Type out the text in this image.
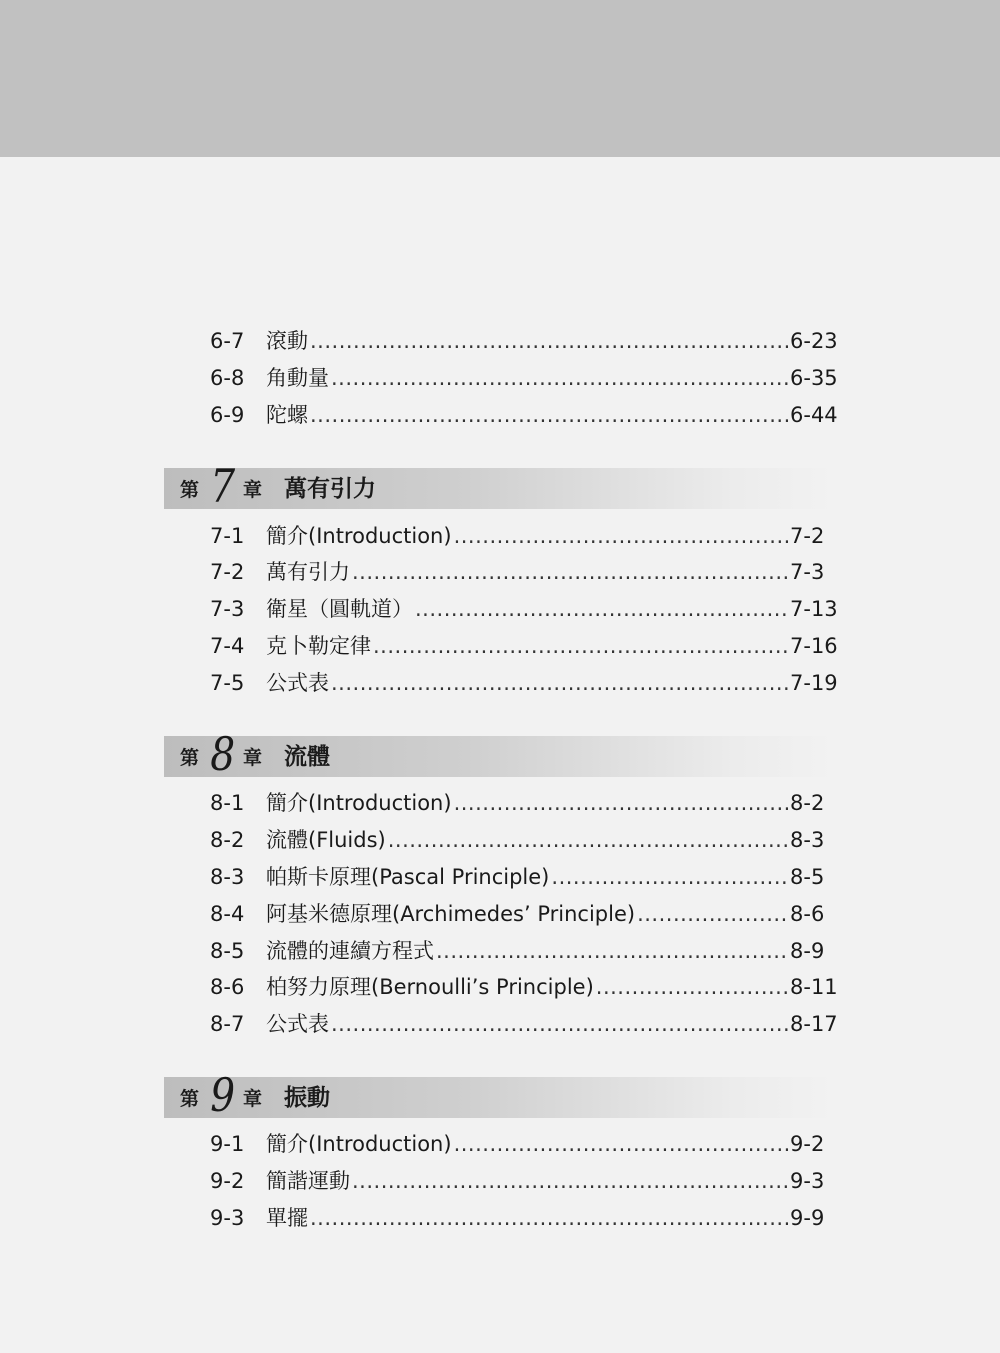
6-7	滾動 .....	6-23
6-8	角動量 .....	6-35
6-9	陀螺 .....	6-44
第 7 章 萬有引力
7-1	簡介(Introduction) .....	7-2
7-2	萬有引力 .....	7-3
7-3	衛星（圓軌道） .....	7-13
7-4	克卜勒定律 .....	7-16
7-5	公式表 .....	7-19
第 8 章 流體
8-1	簡介(Introduction) .....	8-2
8-2	流體(Fluids) .....	8-3
8-3	帕斯卡原理(Pascal Principle) .....	8-5
8-4	阿基米德原理(Archimedes’ Principle) .....	8-6
8-5	流體的連續方程式 .....	8-9
8-6	柏努力原理(Bernoulli’s Principle) .....	8-11
8-7	公式表 .....	8-17
第 9 章 振動
9-1	簡介(Introduction) .....	9-2
9-2	簡諧運動 .....	9-3
9-3	單擺 .....	9-9
